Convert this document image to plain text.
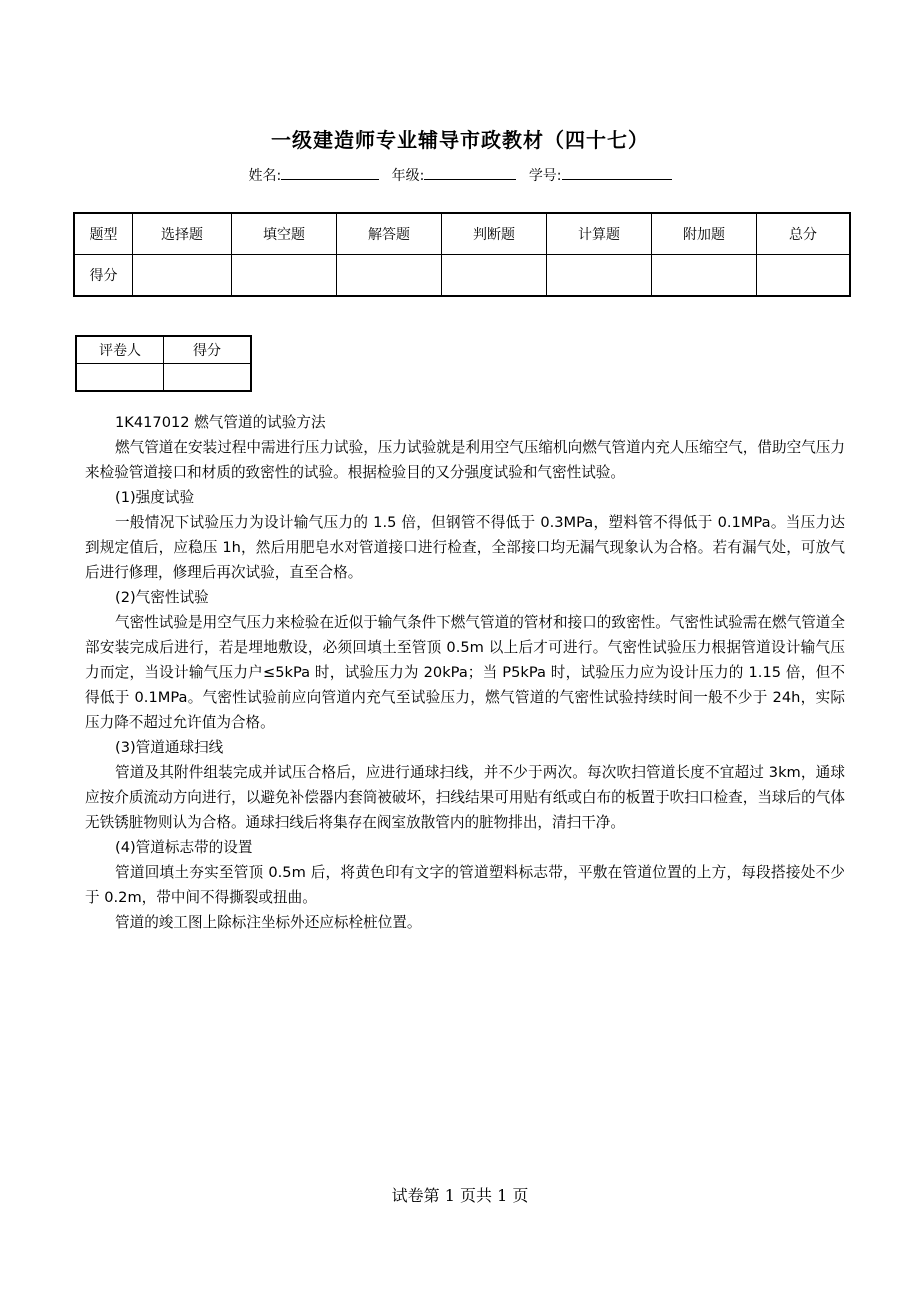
一级建造师专业辅导市政教材（四十七）
姓名:	年级:	学号:
题型	选择题	填空题	解答题	判断题	计算题	附加题	总分
得分							
评卷人	得分

1K417012 燃气管道的试验方法

燃气管道在安装过程中需进行压力试验，压力试验就是利用空气压缩机向燃气管道内充人压缩空气，借助空气压力来检验管道接口和材质的致密性的试验。根据检验目的又分强度试验和气密性试验。

(1)强度试验

一般情况下试验压力为设计输气压力的 1.5 倍，但钢管不得低于 0.3MPa，塑料管不得低于 0.1MPa。当压力达到规定值后，应稳压 1h，然后用肥皂水对管道接口进行检查，全部接口均无漏气现象认为合格。若有漏气处，可放气后进行修理，修理后再次试验，直至合格。

(2)气密性试验

气密性试验是用空气压力来检验在近似于输气条件下燃气管道的管材和接口的致密性。气密性试验需在燃气管道全部安装完成后进行，若是埋地敷设，必须回填土至管顶 0.5m 以上后才可进行。气密性试验压力根据管道设计输气压力而定，当设计输气压力户≤5kPa 时，试验压力为 20kPa；当 P5kPa 时，试验压力应为设计压力的 1.15 倍，但不得低于 0.1MPa。气密性试验前应向管道内充气至试验压力，燃气管道的气密性试验持续时间一般不少于 24h，实际压力降不超过允许值为合格。

(3)管道通球扫线

管道及其附件组装完成并试压合格后，应进行通球扫线，并不少于两次。每次吹扫管道长度不宜超过 3km，通球应按介质流动方向进行，以避免补偿器内套筒被破坏，扫线结果可用贴有纸或白布的板置于吹扫口检查，当球后的气体无铁锈脏物则认为合格。通球扫线后将集存在阀室放散管内的脏物排出，清扫干净。

(4)管道标志带的设置

管道回填土夯实至管顶 0.5m 后，将黄色印有文字的管道塑料标志带，平敷在管道位置的上方，每段搭接处不少于 0.2m，带中间不得撕裂或扭曲。

管道的竣工图上除标注坐标外还应标栓桩位置。

试卷第 1 页共 1 页
